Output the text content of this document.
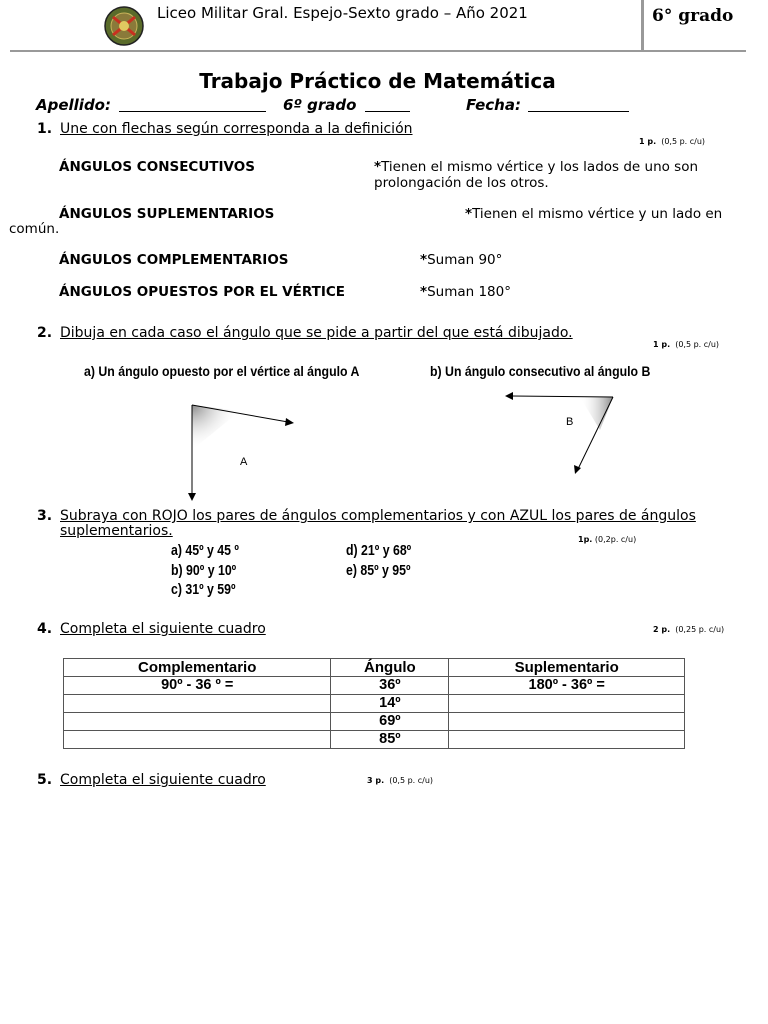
Liceo Militar Gral. Espejo-Sexto grado – Año 2021	6° grado
Trabajo Práctico de Matemática
Apellido:	6º grado	Fecha:
1. Une con flechas según corresponda a la definición
1 p. (0,5 p. c/u)
ÁNGULOS CONSECUTIVOS	*Tienen el mismo vértice y los lados de uno son
prolongación de los otros.
ÁNGULOS SUPLEMENTARIOS	*Tienen el mismo vértice y un lado en
común.
ÁNGULOS COMPLEMENTARIOS	*Suman 90°
ÁNGULOS OPUESTOS POR EL VÉRTICE	*Suman 180°
2. Dibuja en cada caso el ángulo que se pide a partir del que está dibujado.
1 p. (0,5 p. c/u)
a) Un ángulo opuesto por el vértice al ángulo A	b) Un ángulo consecutivo al ángulo B
A
B
3. Subraya con ROJO los pares de ángulos complementarios y con AZUL los pares de ángulos
suplementarios.
1p. (0,2p. c/u)
a) 45º y 45 º
b) 90º y 10º
c) 31º y 59º
d) 21º y 68º
e) 85º y 95º
4. Completa el siguiente cuadro	2 p. (0,25 p. c/u)
Complementario	Ángulo	Suplementario
90º - 36 º =	36º	180º - 36º =
	14º	
	69º	
	85º	
5. Completa el siguiente cuadro	3 p. (0,5 p. c/u)
